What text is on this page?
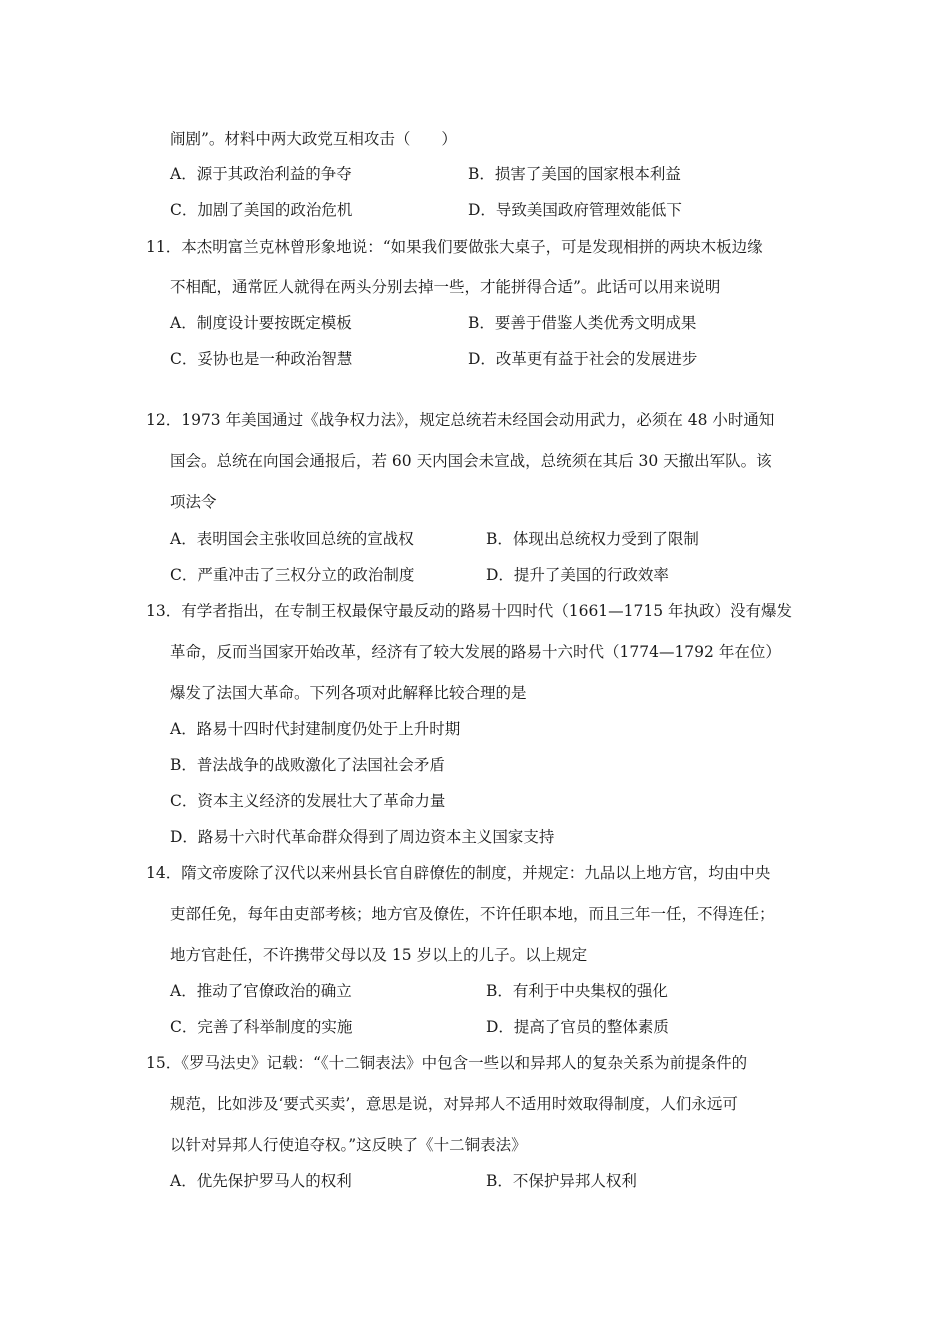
闹剧”。材料中两大政党互相攻击（　　）
A．源于其政治利益的争夺	B．损害了美国的国家根本利益
C．加剧了美国的政治危机	D．导致美国政府管理效能低下
11．本杰明富兰克林曾形象地说：“如果我们要做张大桌子，可是发现相拼的两块木板边缘
不相配，通常匠人就得在两头分别去掉一些，才能拼得合适”。此话可以用来说明
A．制度设计要按既定模板	B．要善于借鉴人类优秀文明成果
C．妥协也是一种政治智慧	D．改革更有益于社会的发展进步
12．1973 年美国通过《战争权力法》，规定总统若未经国会动用武力，必须在 48 小时通知
国会。总统在向国会通报后，若 60 天内国会未宣战，总统须在其后 30 天撤出军队。该
项法令
A．表明国会主张收回总统的宣战权	B．体现出总统权力受到了限制
C．严重冲击了三权分立的政治制度	D．提升了美国的行政效率
13．有学者指出，在专制王权最保守最反动的路易十四时代（1661—1715 年执政）没有爆发
革命，反而当国家开始改革，经济有了较大发展的路易十六时代（1774—1792 年在位）
爆发了法国大革命。下列各项对此解释比较合理的是
A．路易十四时代封建制度仍处于上升时期
B．普法战争的战败激化了法国社会矛盾
C．资本主义经济的发展壮大了革命力量
D．路易十六时代革命群众得到了周边资本主义国家支持
14．隋文帝废除了汉代以来州县长官自辟僚佐的制度，并规定：九品以上地方官，均由中央
吏部任免，每年由吏部考核；地方官及僚佐，不许任职本地，而且三年一任，不得连任；
地方官赴任，不许携带父母以及 15 岁以上的儿子。以上规定
A．推动了官僚政治的确立	B．有利于中央集权的强化
C．完善了科举制度的实施	D．提高了官员的整体素质
15．《罗马法史》记载：“《十二铜表法》中包含一些以和异邦人的复杂关系为前提条件的
规范，比如涉及‘要式买卖’，意思是说，对异邦人不适用时效取得制度，人们永远可
以针对异邦人行使追夺权。”这反映了《十二铜表法》
A．优先保护罗马人的权利	B．不保护异邦人权利
